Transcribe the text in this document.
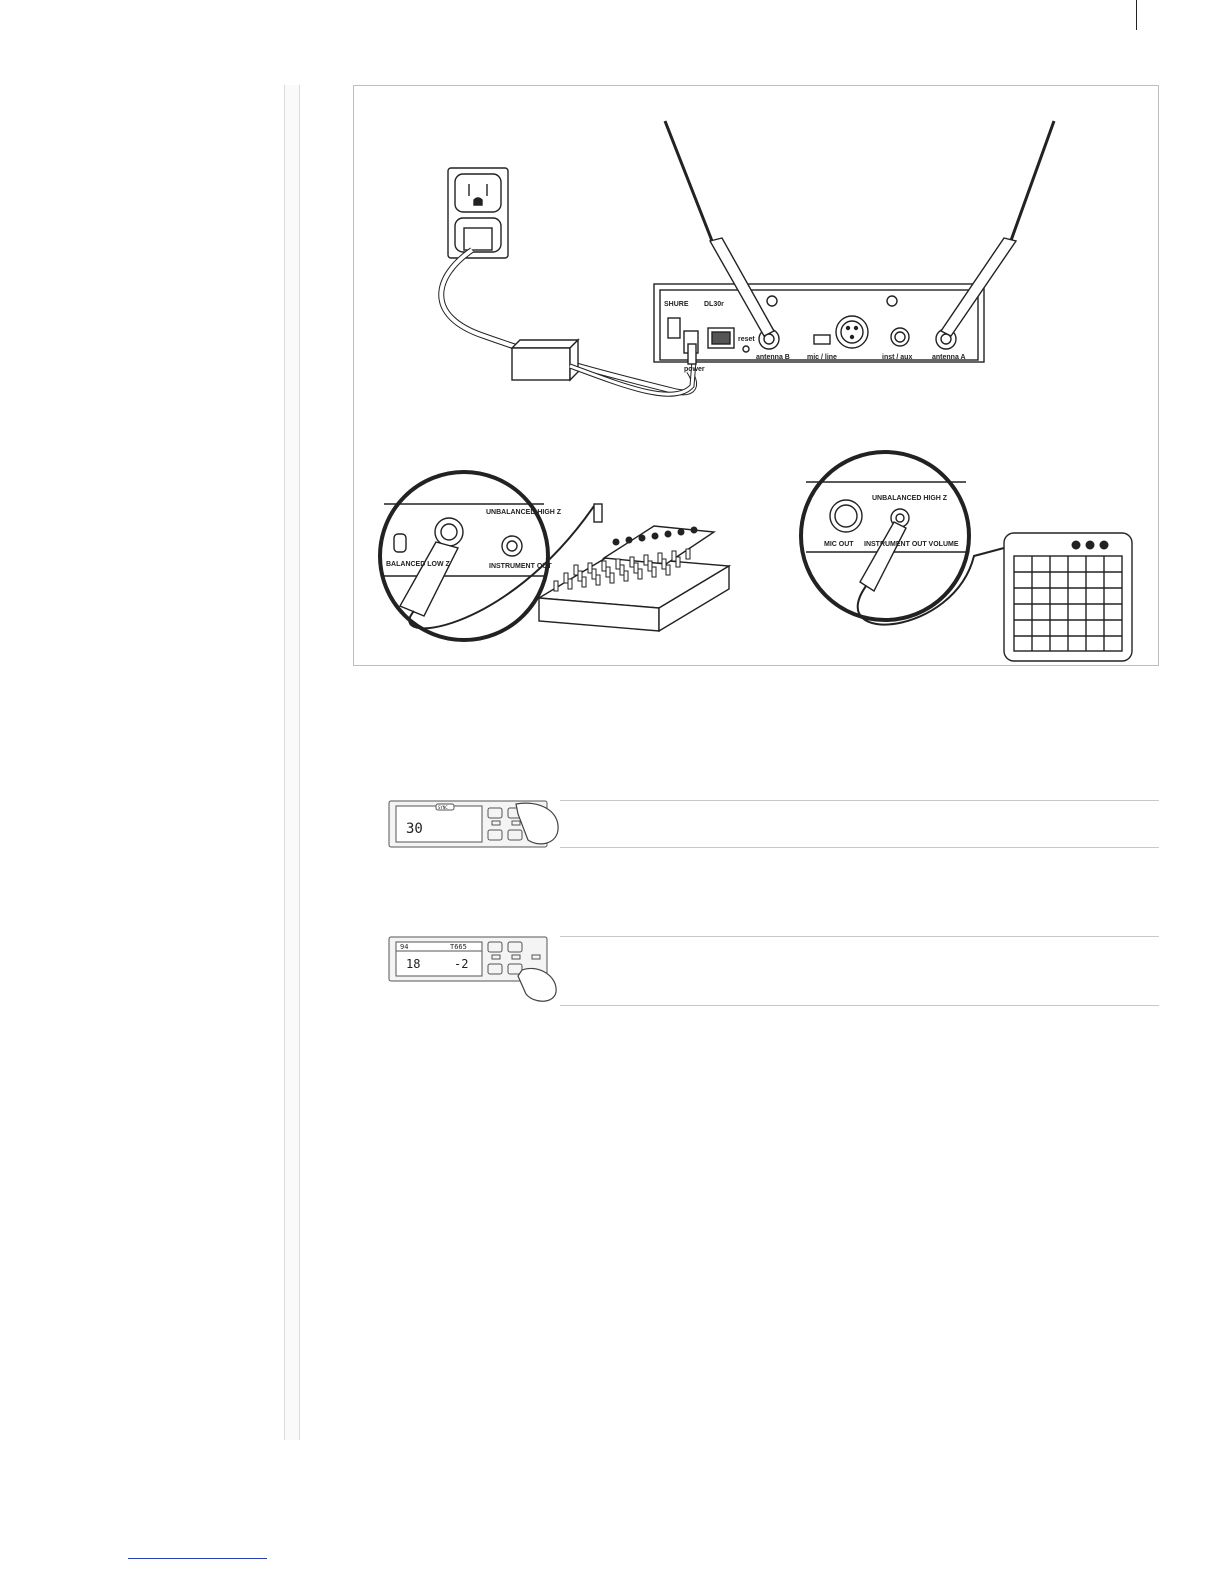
SHURE DL30r
reset
power
antenna B mic / line	inst / aux	antenna A
UNBALANCED HIGH Z
BALANCED LOW Z	INSTRUMENT OUT
UNBALANCED HIGH Z
MIC OUT INSTRUMENT OUT VOLUME
30
SYNC
94	T665
18	-2
